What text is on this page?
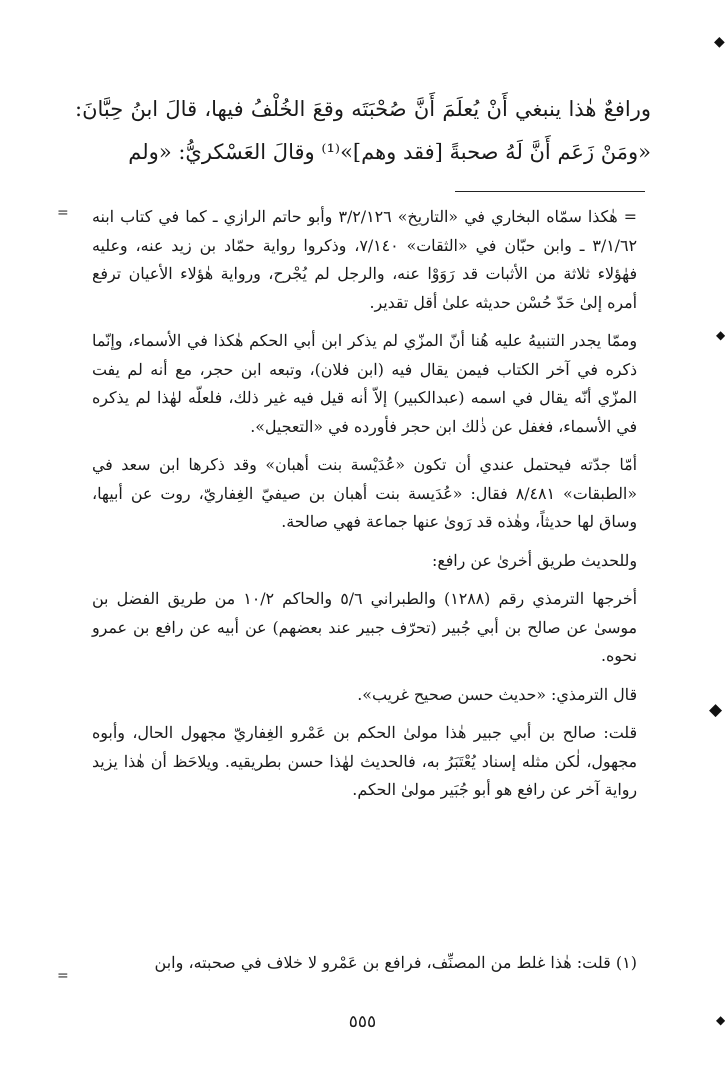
◆
◆
◆
◆
=
=
ورافعٌ هٰذا ينبغي أَنْ يُعلَمَ أَنَّ صُحْبَتَه وقعَ الخُلْفُ فيها، قالَ ابنُ حِبَّانَ: «ومَنْ زَعَم أَنَّ لَهُ صحبةً [فقد وهم]»⁽¹⁾ وقالَ العَسْكريُّ: «ولم

= هٰكذا سمّاه البخاري في «التاريخ» ٣/٢/١٢٦ وأبو حاتم الرازي ـ كما في كتاب ابنه ٣/١/٦٢ ـ وابن حبّان في «الثقات» ٧/١٤٠، وذكروا رواية حمّاد بن زيد عنه، وعليه فهٰؤلاء ثلاثة من الأثبات قد رَوَوْا عنه، والرجل لم يُجْرح، ورواية هٰؤلاء الأعيان ترفع أمره إلىٰ حَدّ حُسْن حديثه علىٰ أقل تقدير.

وممّا يجدر التنبيهُ عليه هُنا أنّ المزّي لم يذكر ابن أبي الحكم هٰكذا في الأسماء، وإنّما ذكره في آخر الكتاب فيمن يقال فيه (ابن فلان)، وتبعه ابن حجر، مع أنه لم يفت المزّي أنّه يقال في اسمه (عبدالكبير) إلاّ أنه قيل فيه غير ذلك، فلعلّه لهٰذا لم يذكره في الأسماء، فغفل عن ذٰلك ابن حجر فأورده في «التعجيل».

أمّا جدّته فيحتمل عندي أن تكون «عُدَيْسة بنت أهبان» وقد ذكرها ابن سعد في «الطبقات» ٨/٤٨١ فقال: «عُدَيسة بنت أهبان بن صيفيّ الغِفاريّ، روت عن أبيها، وساق لها حديثاً، وهٰذه قد رَوىٰ عنها جماعة فهي صالحة.

وللحديث طريق أخرىٰ عن رافع:

أخرجها الترمذي رقم (١٢٨٨) والطبراني ٥/٦ والحاكم ١٠/٢ من طريق الفضل بن موسىٰ عن صالح بن أبي جُبير (تحرّف جبير عند بعضهم) عن أبيه عن رافع بن عمرو نحوه.

قال الترمذي: «حديث حسن صحيح غريب».

قلت: صالح بن أبي جبير هٰذا مولىٰ الحكم بن عَمْرو الغِفاريّ مجهول الحال، وأبوه مجهول، لٰكن مثله إسناد يُعْتَبَرُ به، فالحديث لهٰذا حسن بطريقيه. ويلاحَظ أن هٰذا يزيد رواية آخر عن رافع هو أبو جُبَير مولىٰ الحكم.

(١) قلت: هٰذا غلط من المصنِّف، فرافع بن عَمْرو لا خلاف في صحبته، وابن
٥٥٥
